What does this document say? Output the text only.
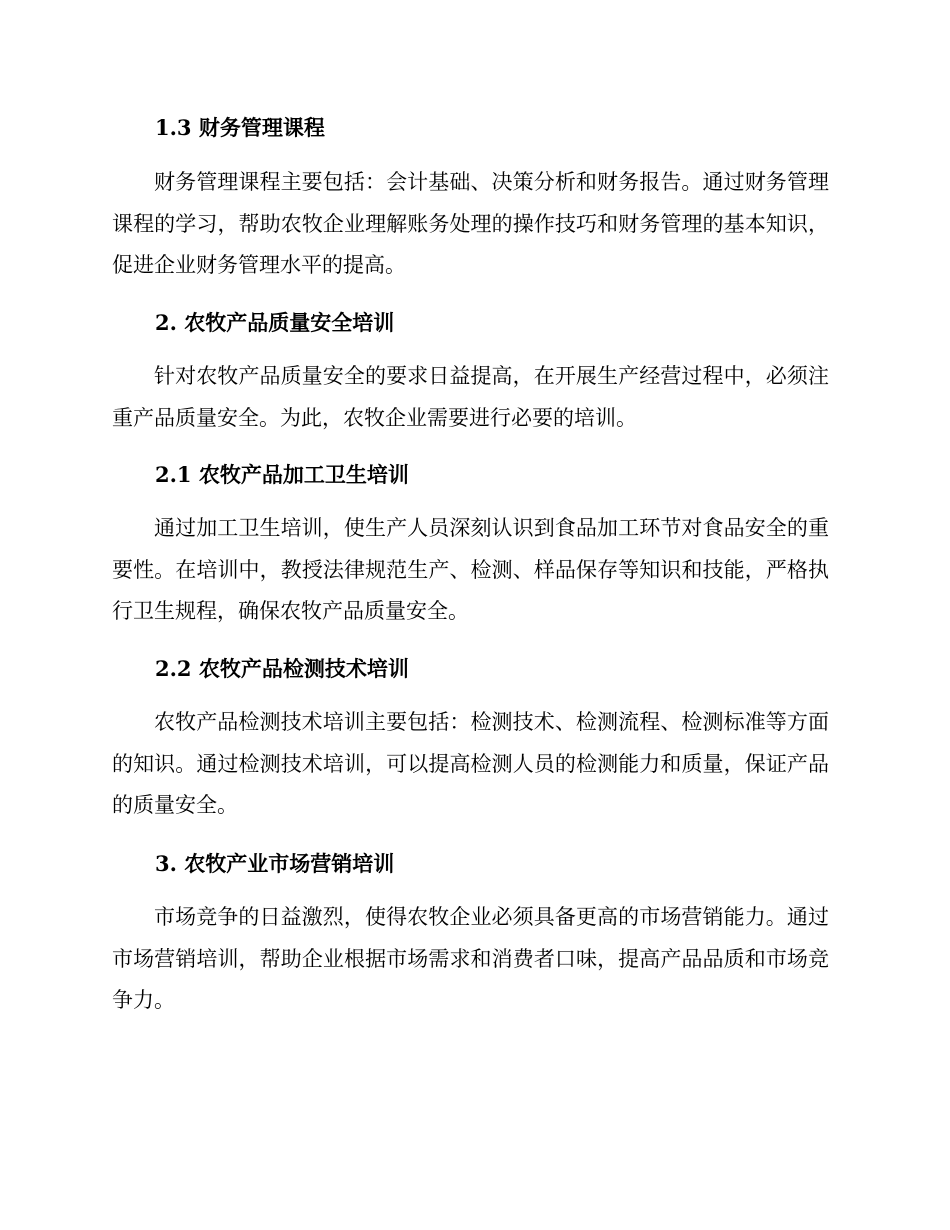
1.3 财务管理课程
财务管理课程主要包括：会计基础、决策分析和财务报告。通过财务管理课程的学习，帮助农牧企业理解账务处理的操作技巧和财务管理的基本知识，促进企业财务管理水平的提高。
2. 农牧产品质量安全培训
针对农牧产品质量安全的要求日益提高，在开展生产经营过程中，必须注重产品质量安全。为此，农牧企业需要进行必要的培训。
2.1 农牧产品加工卫生培训
通过加工卫生培训，使生产人员深刻认识到食品加工环节对食品安全的重要性。在培训中，教授法律规范生产、检测、样品保存等知识和技能，严格执行卫生规程，确保农牧产品质量安全。
2.2 农牧产品检测技术培训
农牧产品检测技术培训主要包括：检测技术、检测流程、检测标准等方面的知识。通过检测技术培训，可以提高检测人员的检测能力和质量，保证产品的质量安全。
3. 农牧产业市场营销培训
市场竞争的日益激烈，使得农牧企业必须具备更高的市场营销能力。通过市场营销培训，帮助企业根据市场需求和消费者口味，提高产品品质和市场竞争力。
